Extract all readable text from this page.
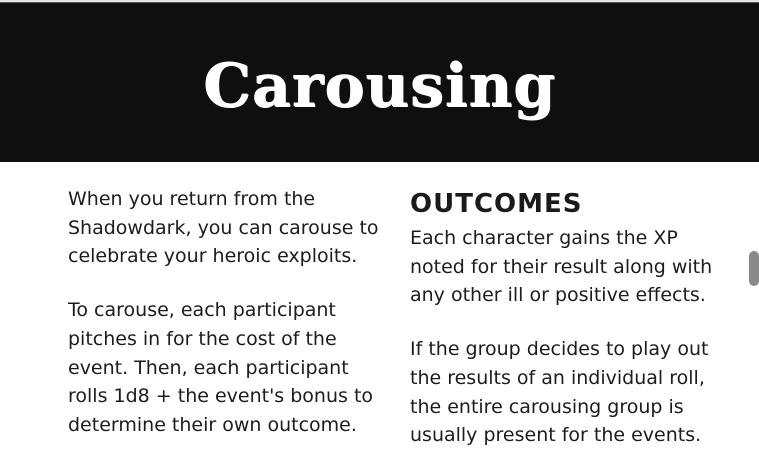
Carousing

When you return from the Shadowdark, you can carouse to celebrate your heroic exploits.

To carouse, each participant pitches in for the cost of the event. Then, each participant rolls 1d8 + the event's bonus to determine their own outcome.

OUTCOMES

Each character gains the XP noted for their result along with any other ill or positive effects.

If the group decides to play out the results of an individual roll, the entire carousing group is usually present for the events.
